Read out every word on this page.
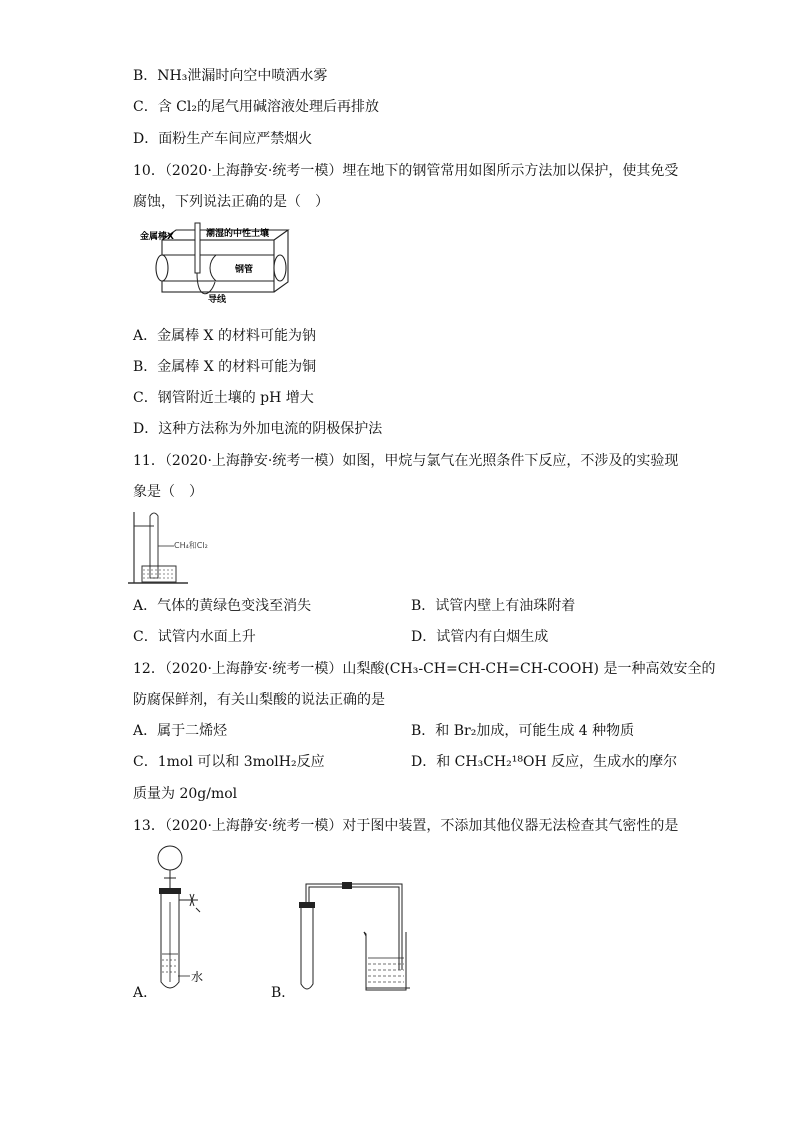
B．NH₃泄漏时向空中喷洒水雾
C．含 Cl₂的尾气用碱溶液处理后再排放
D．面粉生产车间应严禁烟火
10．（2020·上海静安·统考一模）埋在地下的钢管常用如图所示方法加以保护，使其免受
腐蚀，下列说法正确的是（　）
金属棒X	潮湿的中性土壤
钢管
导线
A．金属棒 X 的材料可能为钠
B．金属棒 X 的材料可能为铜
C．钢管附近土壤的 pH 增大
D．这种方法称为外加电流的阴极保护法
11．（2020·上海静安·统考一模）如图，甲烷与氯气在光照条件下反应，不涉及的实验现
象是（　）
CH₄和Cl₂
A．气体的黄绿色变浅至消失	B．试管内壁上有油珠附着
C．试管内水面上升	D．试管内有白烟生成
12．（2020·上海静安·统考一模）山梨酸(CH₃-CH=CH-CH=CH-COOH) 是一种高效安全的
防腐保鲜剂，有关山梨酸的说法正确的是
A．属于二烯烃	B．和 Br₂加成，可能生成 4 种物质
C．1mol 可以和 3molH₂反应	D．和 CH₃CH₂¹⁸OH 反应，生成水的摩尔
质量为 20g/mol
13．（2020·上海静安·统考一模）对于图中装置，不添加其他仪器无法检查其气密性的是
水
A．	B．
